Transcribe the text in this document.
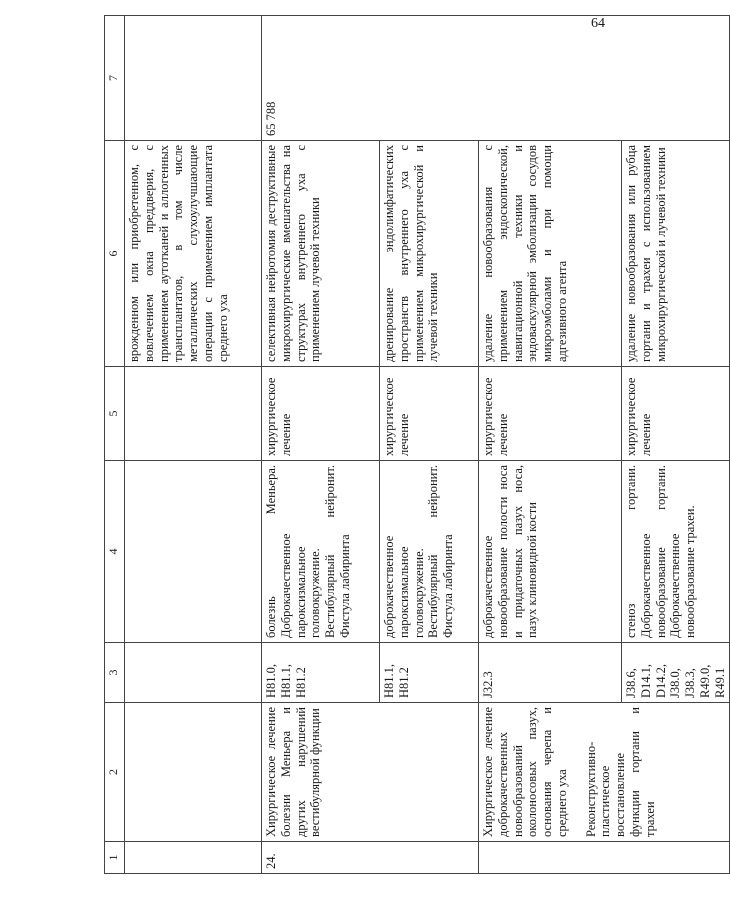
64
1	2	3	4	5	6	7
					врожденном или приобретенном, с вовлечением окна преддверия, с применением аутотканей и аллогенных трансплантатов, в том числе металлических слухоулучшающие операции с применением имплантата среднего уха	
24.	Хирургическое лечение болезни Меньера и других нарушений вестибулярной функции	H81.0, H81.1, H81.2	болезнь Меньера. Доброкачественное пароксизмальное головокружение. Вестибулярный нейронит. Фистула лабиринта	хирургическое лечение	селективная нейротомия деструктивные микрохирургические вмешательства на структурах внутреннего уха с применением лучевой техники	65 788
		H81.1, H81.2	доброкачественное пароксизмальное головокружение. Вестибулярный нейронит. Фистула лабиринта	хирургическое лечение	дренирование эндолимфатических пространств внутреннего уха с применением микрохирургической и лучевой техники	
	Хирургическое лечение доброкачественных новообразований околоносовых пазух, основания черепа и среднего уха Реконструктивно-пластическое восстановление функции гортани и трахеи	J32.3	доброкачественное новообразование полости носа и придаточных пазух носа, пазух клиновидной кости	хирургическое лечение	удаление новообразования с применением эндоскопической, навигационной техники и эндоваскулярной эмболизации сосудов микроэмболами и при помощи адгезивного агента	
		J38.6, D14.1, D14.2, J38.0, J38.3, R49.0, R49.1	стеноз гортани. Доброкачественное новообразование гортани. Доброкачественное новообразование трахеи.	хирургическое лечение	удаление новообразования или рубца гортани и трахеи с использованием микрохирургической и лучевой техники	
